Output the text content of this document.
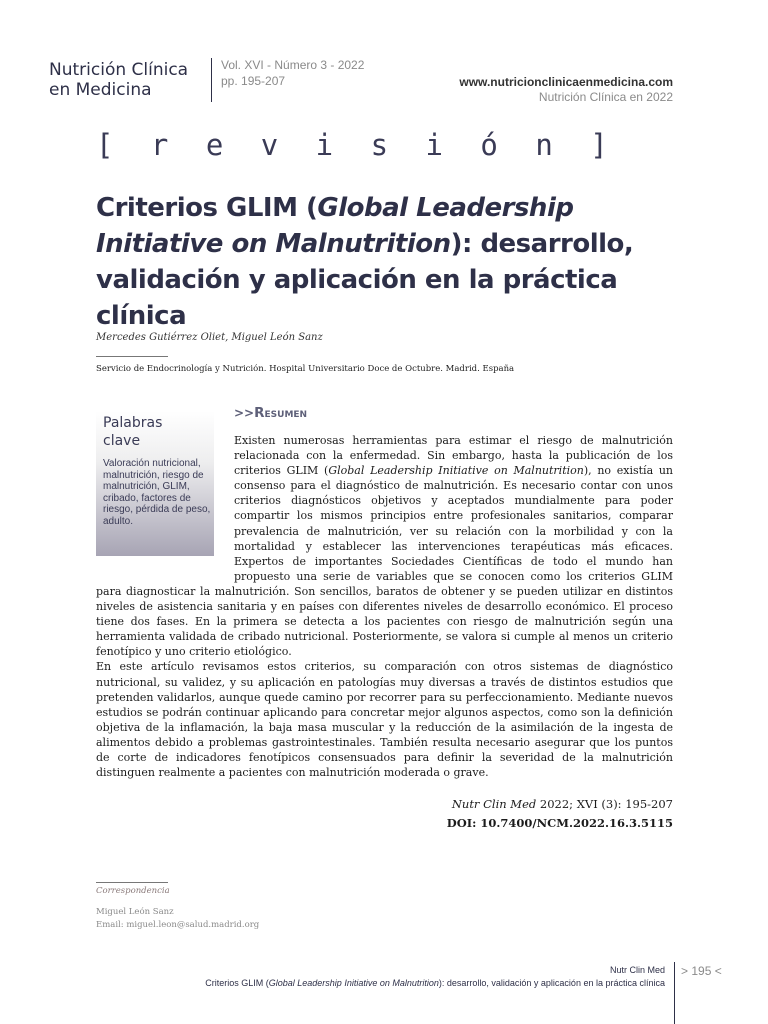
Nutrición Clínica
en Medicina
Vol. XVI - Número 3 - 2022
pp. 195-207	www.nutricionclinicaenmedicina.com
Nutrición Clínica en 2022
[ r e v i s i ó n ]
Criterios GLIM (Global Leadership Initiative on Malnutrition): desarrollo, validación y aplicación en la práctica clínica
Mercedes Gutiérrez Oliet, Miguel León Sanz
Servicio de Endocrinología y Nutrición. Hospital Universitario Doce de Octubre. Madrid. España
Palabras clave
Valoración nutricional, malnutrición, riesgo de malnutrición, GLIM, cribado, factores de riesgo, pérdida de peso, adulto.
>>Resumen

Existen numerosas herramientas para estimar el riesgo de malnutrición relacionada con la enfermedad. Sin embargo, hasta la publicación de los criterios GLIM (Global Leadership Initiative on Malnutrition), no existía un consenso para el diagnóstico de malnutrición. Es necesario contar con unos criterios diagnósticos objetivos y aceptados mundialmente para poder compartir los mismos principios entre profesionales sanitarios, comparar prevalencia de malnutrición, ver su relación con la morbilidad y con la mortalidad y establecer las intervenciones terapéuticas más eficaces. Expertos de importantes Sociedades Científicas de todo el mundo han propuesto una serie de variables que se conocen como los criterios GLIM para diagnosticar la malnutrición. Son sencillos, baratos de obtener y se pueden utilizar en distintos niveles de asistencia sanitaria y en países con diferentes niveles de desarrollo económico. El proceso tiene dos fases. En la primera se detecta a los pacientes con riesgo de malnutrición según una herramienta validada de cribado nutricional. Posteriormente, se valora si cumple al menos un criterio fenotípico y uno criterio etiológico.

En este artículo revisamos estos criterios, su comparación con otros sistemas de diagnóstico nutricional, su validez, y su aplicación en patologías muy diversas a través de distintos estudios que pretenden validarlos, aunque quede camino por recorrer para su perfeccionamiento. Mediante nuevos estudios se podrán continuar aplicando para concretar mejor algunos aspectos, como son la definición objetiva de la inflamación, la baja masa muscular y la reducción de la asimilación de la ingesta de alimentos debido a problemas gastrointestinales. También resulta necesario asegurar que los puntos de corte de indicadores fenotípicos consensuados para definir la severidad de la malnutrición distinguen realmente a pacientes con malnutrición moderada o grave.

Nutr Clin Med 2022; XVI (3): 195-207
DOI: 10.7400/NCM.2022.16.3.5115
Correspondencia
Miguel León Sanz
Email: miguel.leon@salud.madrid.org
Nutr Clin Med
Criterios GLIM (Global Leadership Initiative on Malnutrition): desarrollo, validación y aplicación en la práctica clínica
> 195 <
